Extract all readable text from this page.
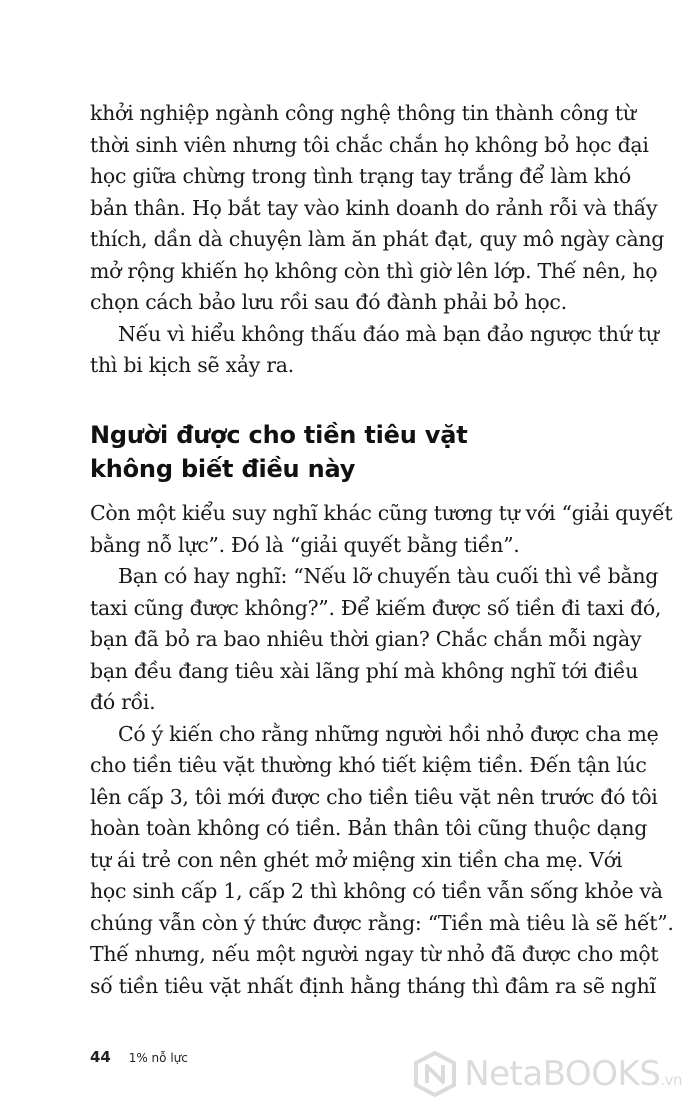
khởi nghiệp ngành công nghệ thông tin thành công từ
thời sinh viên nhưng tôi chắc chắn họ không bỏ học đại
học giữa chừng trong tình trạng tay trắng để làm khó
bản thân. Họ bắt tay vào kinh doanh do rảnh rỗi và thấy
thích, dần dà chuyện làm ăn phát đạt, quy mô ngày càng
mở rộng khiến họ không còn thì giờ lên lớp. Thế nên, họ
chọn cách bảo lưu rồi sau đó đành phải bỏ học.

Nếu vì hiểu không thấu đáo mà bạn đảo ngược thứ tự
thì bi kịch sẽ xảy ra.

Người được cho tiền tiêu vặt
không biết điều này

Còn một kiểu suy nghĩ khác cũng tương tự với “giải quyết
bằng nỗ lực”. Đó là “giải quyết bằng tiền”.

Bạn có hay nghĩ: “Nếu lỡ chuyến tàu cuối thì về bằng
taxi cũng được không?”. Để kiếm được số tiền đi taxi đó,
bạn đã bỏ ra bao nhiêu thời gian? Chắc chắn mỗi ngày
bạn đều đang tiêu xài lãng phí mà không nghĩ tới điều
đó rồi.

Có ý kiến cho rằng những người hồi nhỏ được cha mẹ
cho tiền tiêu vặt thường khó tiết kiệm tiền. Đến tận lúc
lên cấp 3, tôi mới được cho tiền tiêu vặt nên trước đó tôi
hoàn toàn không có tiền. Bản thân tôi cũng thuộc dạng
tự ái trẻ con nên ghét mở miệng xin tiền cha mẹ. Với
học sinh cấp 1, cấp 2 thì không có tiền vẫn sống khỏe và
chúng vẫn còn ý thức được rằng: “Tiền mà tiêu là sẽ hết”.
Thế nhưng, nếu một người ngay từ nhỏ đã được cho một
số tiền tiêu vặt nhất định hằng tháng thì đâm ra sẽ nghĩ

44 1% nỗ lực	NetaBOOKS.vn
